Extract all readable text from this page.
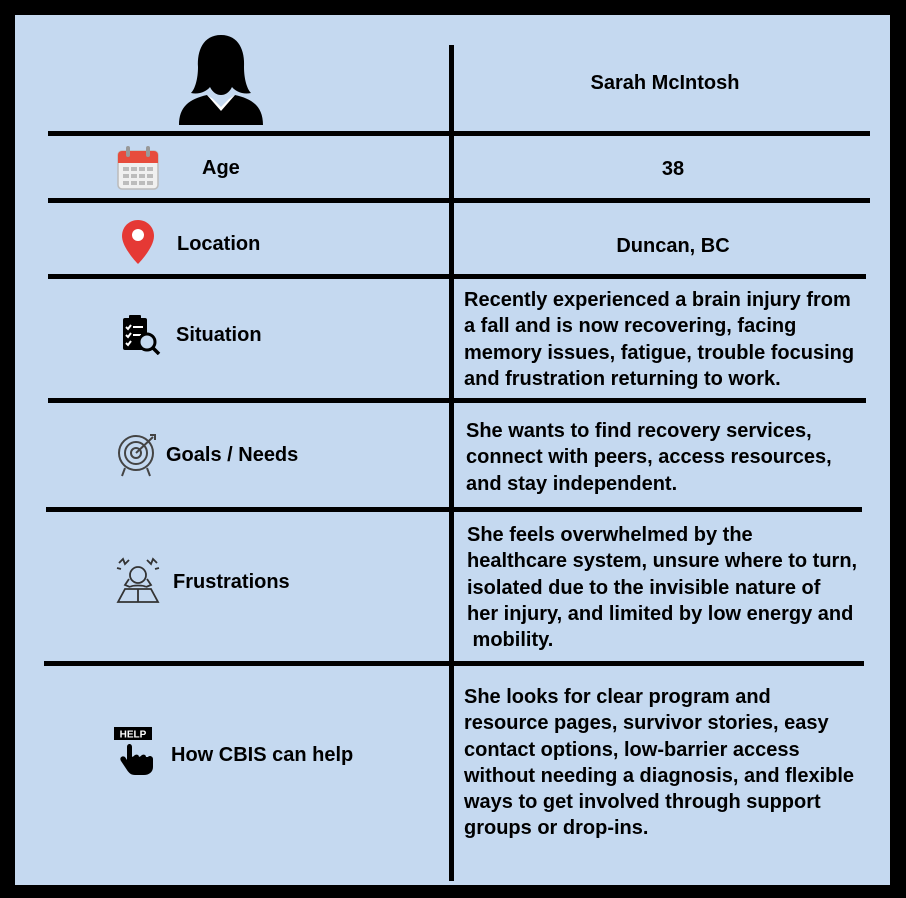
Sarah McIntosh
Age	38
Location	Duncan, BC
Situation
Recently experienced a brain injury from
a fall and is now recovering, facing
memory issues, fatigue, trouble focusing
and frustration returning to work.
Goals / Needs
She wants to find recovery services,
connect with peers, access resources,
and stay independent.
Frustrations
She feels overwhelmed by the
healthcare system, unsure where to turn,
isolated due to the invisible nature of
her injury, and limited by low energy and
mobility.
HELP
How CBIS can help
She looks for clear program and
resource pages, survivor stories, easy
contact options, low-barrier access
without needing a diagnosis, and flexible
ways to get involved through support
groups or drop-ins.
